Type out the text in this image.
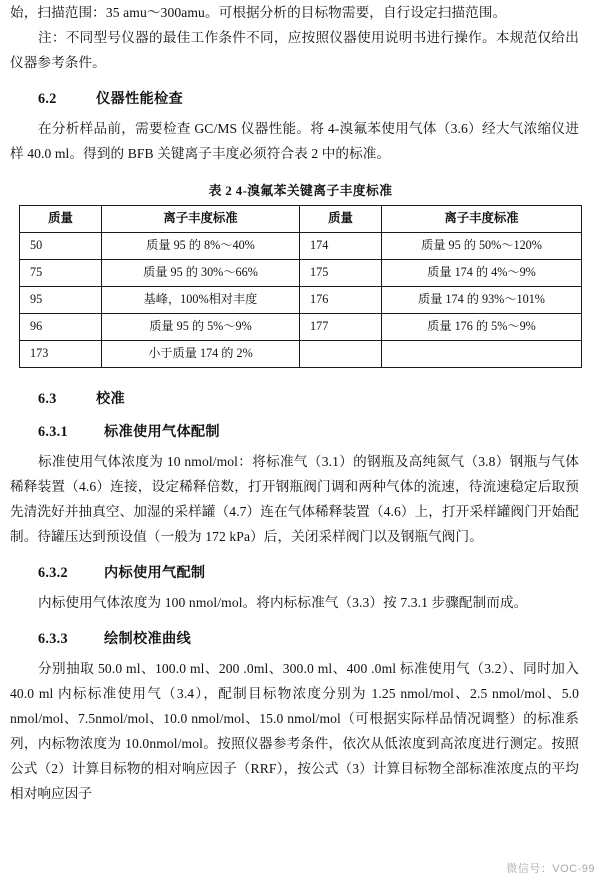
始，扫描范围：35 amu～300amu。可根据分析的目标物需要，自行设定扫描范围。

注：不同型号仪器的最佳工作条件不同，应按照仪器使用说明书进行操作。本规范仅给出仪器参考条件。

6.2	仪器性能检查

在分析样品前，需要检查 GC/MS 仪器性能。将 4-溴氟苯使用气体（3.6）经大气浓缩仪进样 40.0 ml。得到的 BFB 关键离子丰度必须符合表 2 中的标准。

表 2 4-溴氟苯关键离子丰度标准
质量	离子丰度标准	质量	离子丰度标准
50	质量 95 的 8%～40%	174	质量 95 的 50%～120%
75	质量 95 的 30%～66%	175	质量 174 的 4%～9%
95	基峰，100%相对丰度	176	质量 174 的 93%～101%
96	质量 95 的 5%～9%	177	质量 176 的 5%～9%
173	小于质量 174 的 2%		
6.3	校准
6.3.1	标准使用气体配制

标准使用气体浓度为 10 nmol/mol：将标准气（3.1）的钢瓶及高纯氮气（3.8）钢瓶与气体稀释装置（4.6）连接，设定稀释倍数，打开钢瓶阀门调和两种气体的流速，待流速稳定后取预先清洗好并抽真空、加湿的采样罐（4.7）连在气体稀释装置（4.6）上，打开采样罐阀门开始配制。待罐压达到预设值（一般为 172 kPa）后，关闭采样阀门以及钢瓶气阀门。

6.3.2	内标使用气配制

内标使用气体浓度为 100 nmol/mol。将内标标准气（3.3）按 7.3.1 步骤配制而成。

6.3.3	绘制校准曲线

分别抽取 50.0 ml、100.0 ml、200 .0ml、300.0 ml、400 .0ml 标准使用气（3.2）、同时加入 40.0 ml 内标标准使用气（3.4），配制目标物浓度分别为 1.25 nmol/mol、2.5 nmol/mol、5.0 nmol/mol、7.5nmol/mol、10.0 nmol/mol、15.0 nmol/mol（可根据实际样品情况调整）的标准系列，内标物浓度为 10.0nmol/mol。按照仪器参考条件，依次从低浓度到高浓度进行测定。按照公式（2）计算目标物的相对响应因子（RRF），按公式（3）计算目标物全部标准浓度点的平均相对响应因子

微信号：VOC-99
